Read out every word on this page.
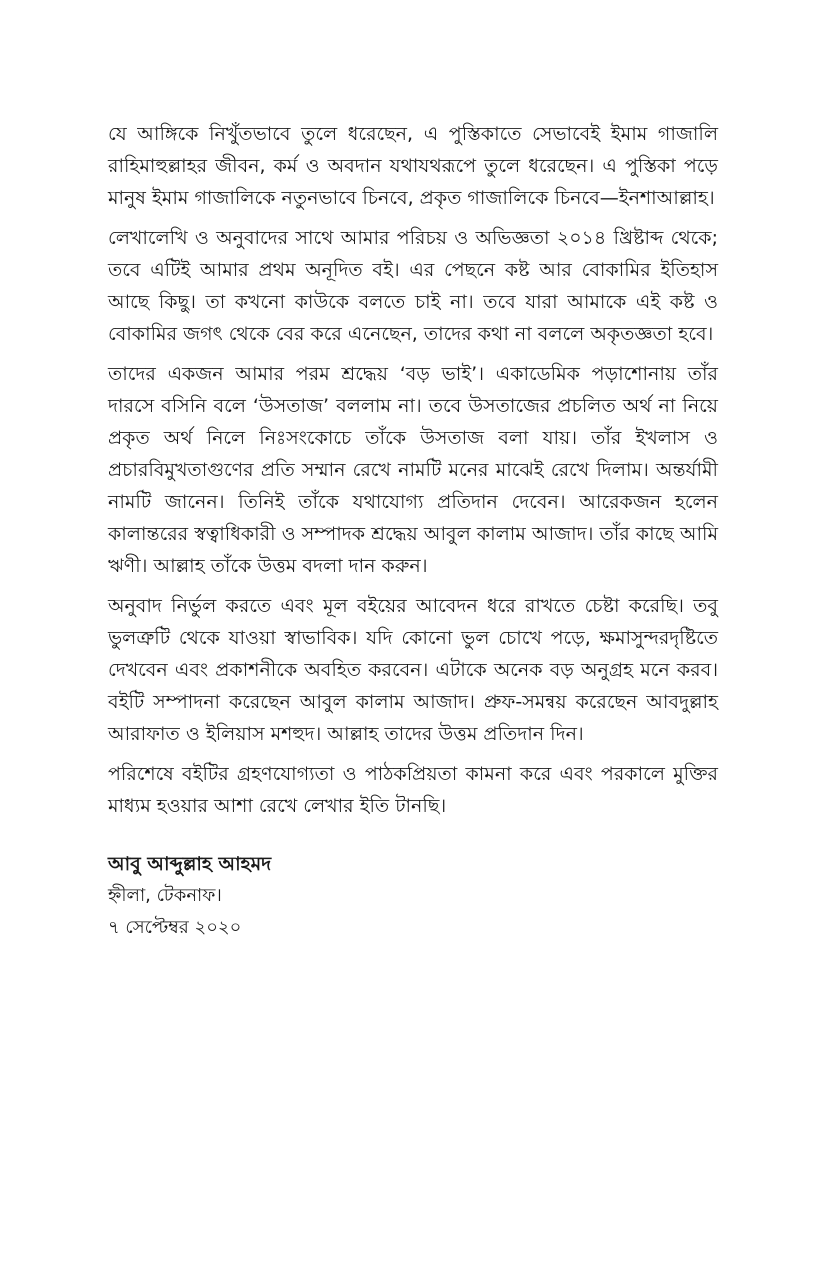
যে আঙ্গিকে নিখুঁতভাবে তুলে ধরেছেন, এ পুস্তিকাতে সেভাবেই ইমাম গাজালি রাহিমাহুল্লাহর জীবন, কর্ম ও অবদান যথাযথরূপে তুলে ধরেছেন। এ পুস্তিকা পড়ে মানুষ ইমাম গাজালিকে নতুনভাবে চিনবে, প্রকৃত গাজালিকে চিনবে—ইনশাআল্লাহ।

লেখালেখি ও অনুবাদের সাথে আমার পরিচয় ও অভিজ্ঞতা ২০১৪ খ্রিষ্টাব্দ থেকে; তবে এটিই আমার প্রথম অনূদিত বই। এর পেছনে কষ্ট আর বোকামির ইতিহাস আছে কিছু। তা কখনো কাউকে বলতে চাই না। তবে যারা আমাকে এই কষ্ট ও বোকামির জগৎ থেকে বের করে এনেছেন, তাদের কথা না বললে অকৃতজ্ঞতা হবে।

তাদের একজন আমার পরম শ্রদ্ধেয় ‘বড় ভাই’। একাডেমিক পড়াশোনায় তাঁর দারসে বসিনি বলে ‘উসতাজ’ বললাম না। তবে উসতাজের প্রচলিত অর্থ না নিয়ে প্রকৃত অর্থ নিলে নিঃসংকোচে তাঁকে উসতাজ বলা যায়। তাঁর ইখলাস ও প্রচারবিমুখতাগুণের প্রতি সম্মান রেখে নামটি মনের মাঝেই রেখে দিলাম। অন্তর্যামী নামটি জানেন। তিনিই তাঁকে যথাযোগ্য প্রতিদান দেবেন। আরেকজন হলেন কালান্তরের স্বত্বাধিকারী ও সম্পাদক শ্রদ্ধেয় আবুল কালাম আজাদ। তাঁর কাছে আমি ঋণী। আল্লাহ তাঁকে উত্তম বদলা দান করুন।

অনুবাদ নির্ভুল করতে এবং মূল বইয়ের আবেদন ধরে রাখতে চেষ্টা করেছি। তবু ভুলত্রুটি থেকে যাওয়া স্বাভাবিক। যদি কোনো ভুল চোখে পড়ে, ক্ষমাসুন্দরদৃষ্টিতে দেখবেন এবং প্রকাশনীকে অবহিত করবেন। এটাকে অনেক বড় অনুগ্রহ মনে করব। বইটি সম্পাদনা করেছেন আবুল কালাম আজাদ। প্রুফ-সমন্বয় করেছেন আবদুল্লাহ আরাফাত ও ইলিয়াস মশহুদ। আল্লাহ তাদের উত্তম প্রতিদান দিন।

পরিশেষে বইটির গ্রহণযোগ্যতা ও পাঠকপ্রিয়তা কামনা করে এবং পরকালে মুক্তির মাধ্যম হওয়ার আশা রেখে লেখার ইতি টানছি।

আবু আব্দুল্লাহ আহমদ
হ্নীলা, টেকনাফ।
৭ সেপ্টেম্বর ২০২০
